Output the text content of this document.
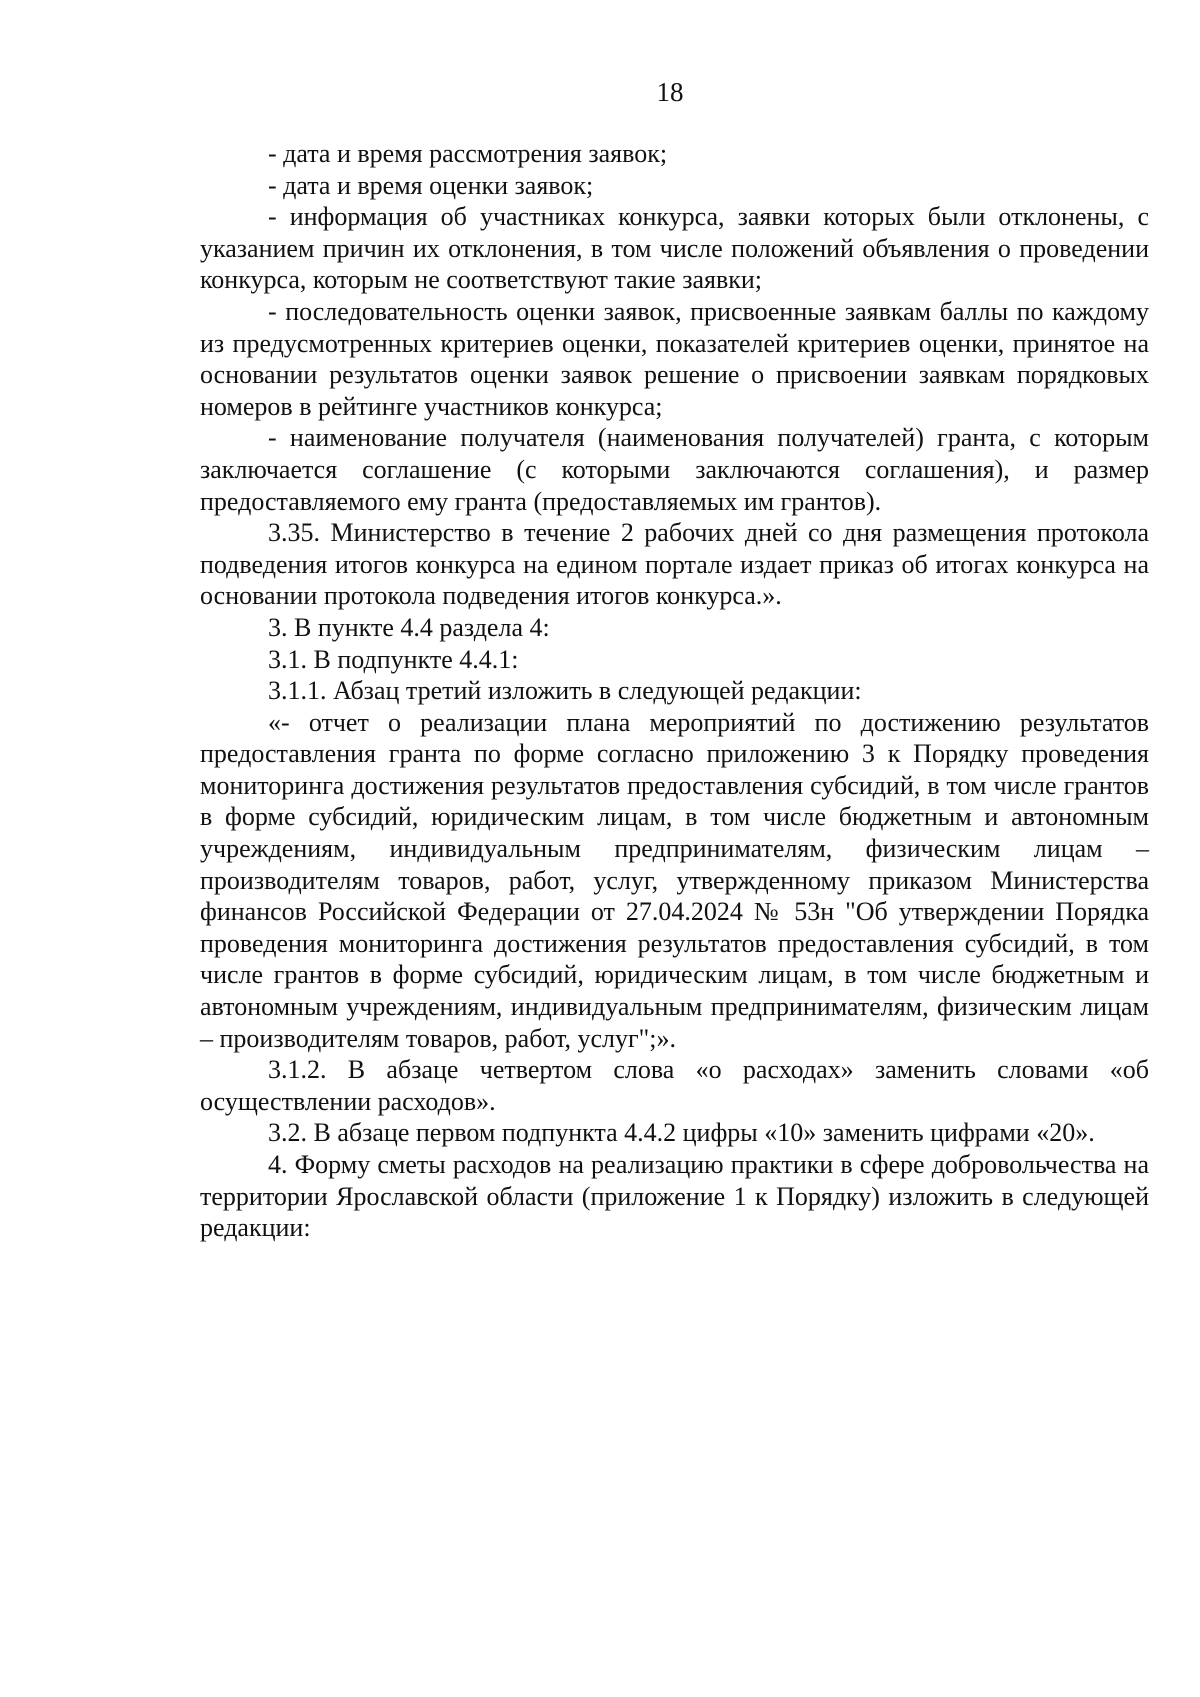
18

- дата и время рассмотрения заявок;

- дата и время оценки заявок;

- информация об участниках конкурса, заявки которых были отклонены, с указанием причин их отклонения, в том числе положений объявления о проведении конкурса, которым не соответствуют такие заявки;

- последовательность оценки заявок, присвоенные заявкам баллы по каждому из предусмотренных критериев оценки, показателей критериев оценки, принятое на основании результатов оценки заявок решение о присвоении заявкам порядковых номеров в рейтинге участников конкурса;

- наименование получателя (наименования получателей) гранта, с которым заключается соглашение (с которыми заключаются соглашения), и размер предоставляемого ему гранта (предоставляемых им грантов).

3.35. Министерство в течение 2 рабочих дней со дня размещения протокола подведения итогов конкурса на едином портале издает приказ об итогах конкурса на основании протокола подведения итогов конкурса.».

3. В пункте 4.4 раздела 4:

3.1. В подпункте 4.4.1:

3.1.1. Абзац третий изложить в следующей редакции:

«- отчет о реализации плана мероприятий по достижению результатов предоставления гранта по форме согласно приложению 3 к Порядку проведения мониторинга достижения результатов предоставления субсидий, в том числе грантов в форме субсидий, юридическим лицам, в том числе бюджетным и автономным учреждениям, индивидуальным предпринимателям, физическим лицам – производителям товаров, работ, услуг, утвержденному приказом Министерства финансов Российской Федерации от 27.04.2024 № 53н "Об утверждении Порядка проведения мониторинга достижения результатов предоставления субсидий, в том числе грантов в форме субсидий, юридическим лицам, в том числе бюджетным и автономным учреждениям, индивидуальным предпринимателям, физическим лицам – производителям товаров, работ, услуг";».

3.1.2. В абзаце четвертом слова «о расходах» заменить словами «об осуществлении расходов».

3.2. В абзаце первом подпункта 4.4.2 цифры «10» заменить цифрами «20».

4. Форму сметы расходов на реализацию практики в сфере добровольчества на территории Ярославской области (приложение 1 к Порядку) изложить в следующей редакции:
